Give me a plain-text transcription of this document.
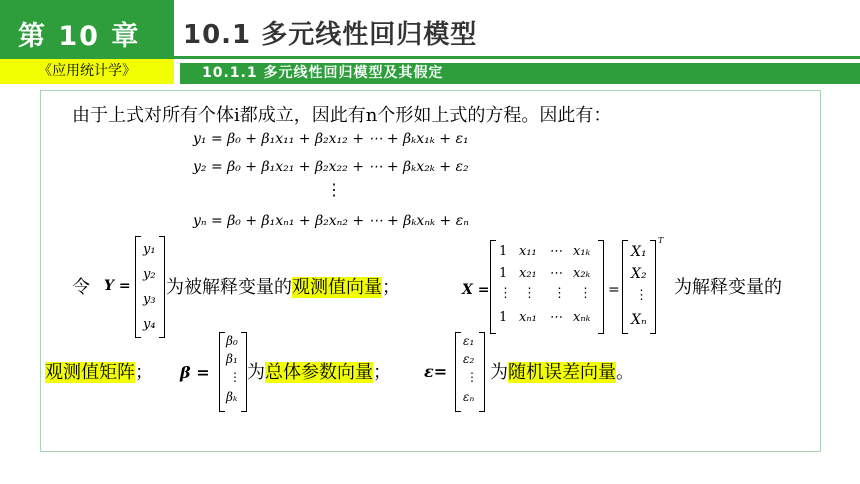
第 10 章
《应用统计学》
10.1 多元线性回归模型
10.1.1 多元线性回归模型及其假定
由于上式对所有个体i都成立，因此有n个形如上式的方程。因此有：
y₁ = β₀ + β₁x₁₁ + β₂x₁₂ + ⋯ + βₖx₁ₖ + ε₁
y₂ = β₀ + β₁x₂₁ + β₂x₂₂ + ⋯ + βₖx₂ₖ + ε₂
⋮
yₙ = β₀ + β₁xₙ₁ + β₂xₙ₂ + ⋯ + βₖxₙₖ + εₙ
令 Y =
y₁
y₂
y₃
y₄
为被解释变量的观测值向量；	X =
1 x₁₁ ⋯ x₁ₖ
1 x₂₁ ⋯ x₂ₖ
⋮ ⋮ ⋮ ⋮
1 xₙ₁ ⋯ xₙₖ
=
X₁
X₂
⋮
Xₙ
T
为解释变量的
观测值矩阵； β =
β₀
β₁
⋮
βₖ
为总体参数向量； ε=
ε₁
ε₂
⋮
εₙ
为随机误差向量。
